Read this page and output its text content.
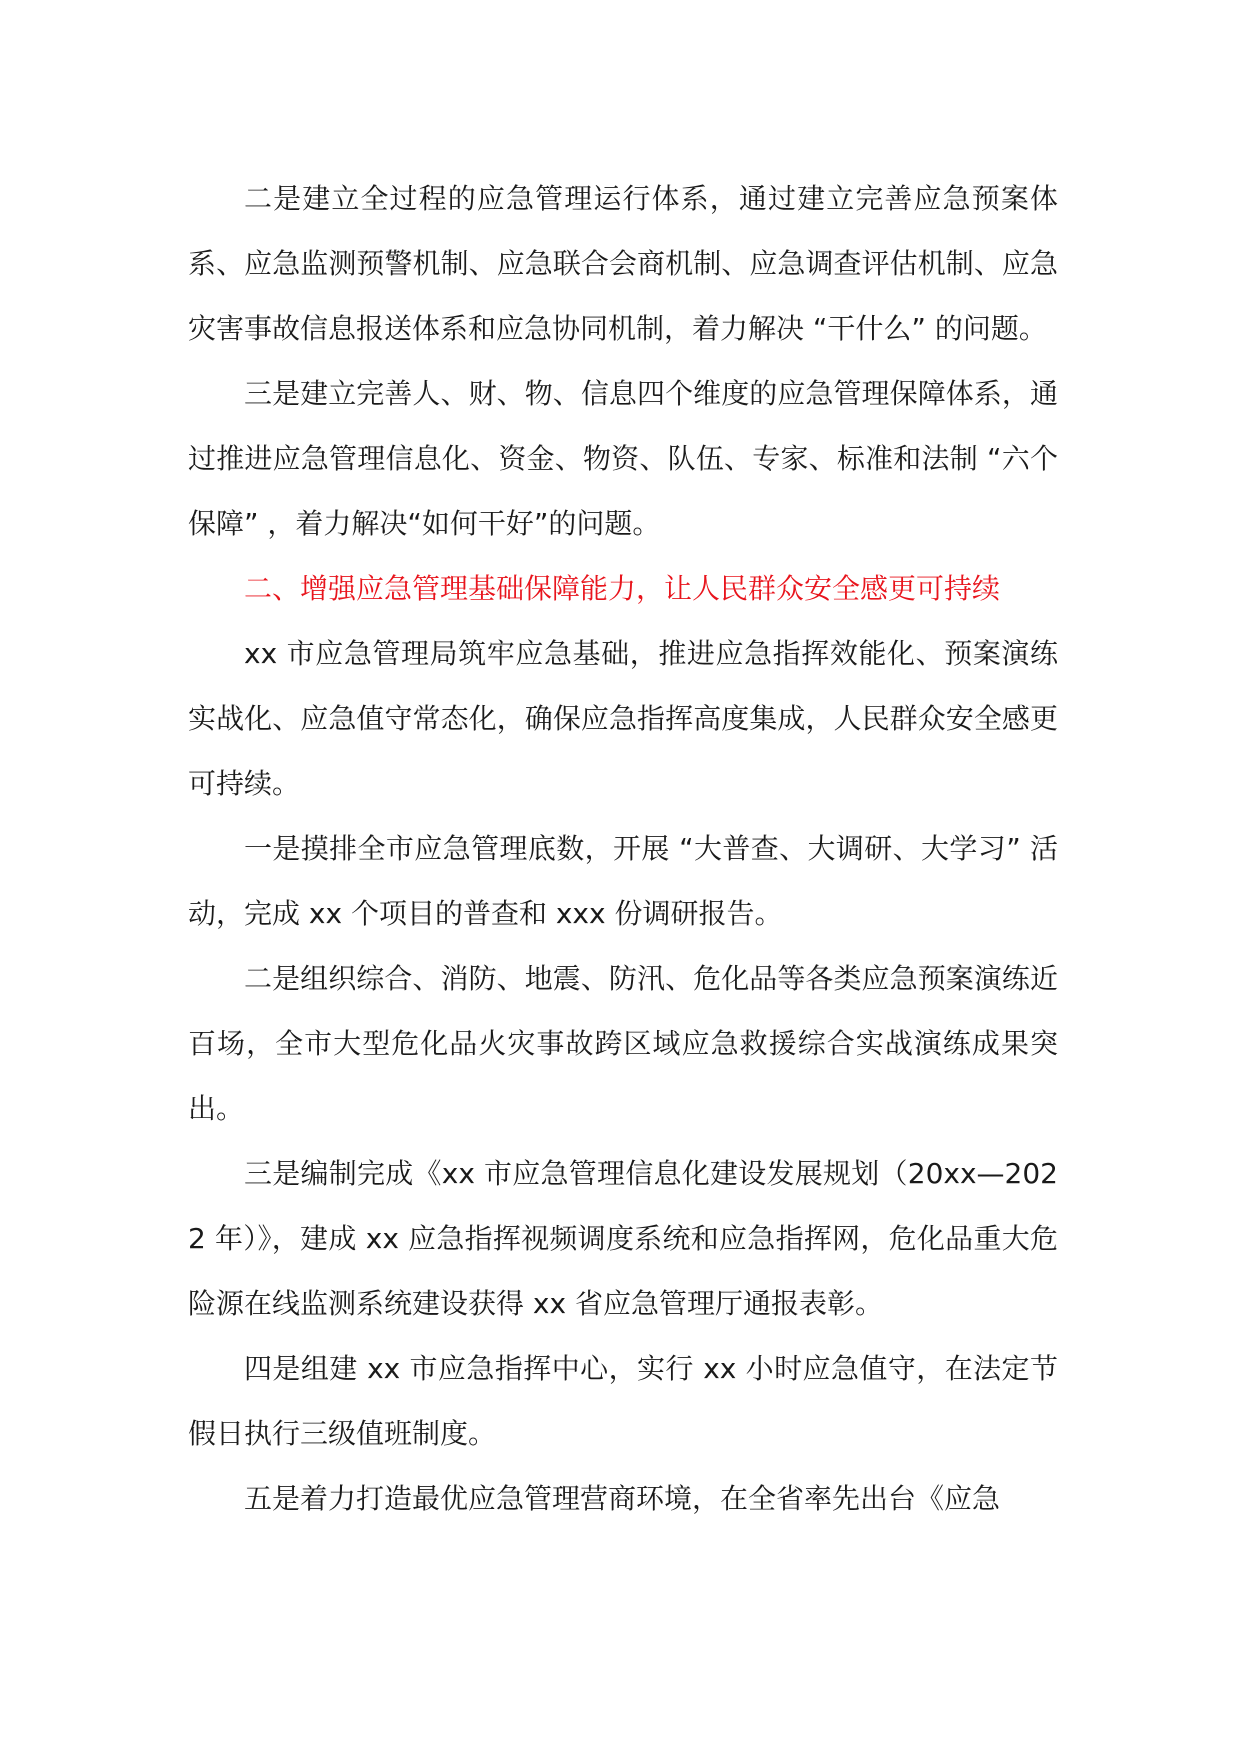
二是建立全过程的应急管理运行体系，通过建立完善应急预案体系、应急监测预警机制、应急联合会商机制、应急调查评估机制、应急灾害事故信息报送体系和应急协同机制，着力解决 “干什么” 的问题。

三是建立完善人、财、物、信息四个维度的应急管理保障体系，通过推进应急管理信息化、资金、物资、队伍、专家、标准和法制 “六个保障” ，着力解决“如何干好”的问题。

二、增强应急管理基础保障能力，让人民群众安全感更可持续

xx 市应急管理局筑牢应急基础，推进应急指挥效能化、预案演练实战化、应急值守常态化，确保应急指挥高度集成，人民群众安全感更可持续。

一是摸排全市应急管理底数，开展 “大普查、大调研、大学习” 活动，完成 xx 个项目的普查和 xxx 份调研报告。

二是组织综合、消防、地震、防汛、危化品等各类应急预案演练近百场，全市大型危化品火灾事故跨区域应急救援综合实战演练成果突出。

三是编制完成《xx 市应急管理信息化建设发展规划（20xx—2022 年）》，建成 xx 应急指挥视频调度系统和应急指挥网，危化品重大危险源在线监测系统建设获得 xx 省应急管理厅通报表彰。

四是组建 xx 市应急指挥中心，实行 xx 小时应急值守，在法定节假日执行三级值班制度。

五是着力打造最优应急管理营商环境，在全省率先出台《应急
